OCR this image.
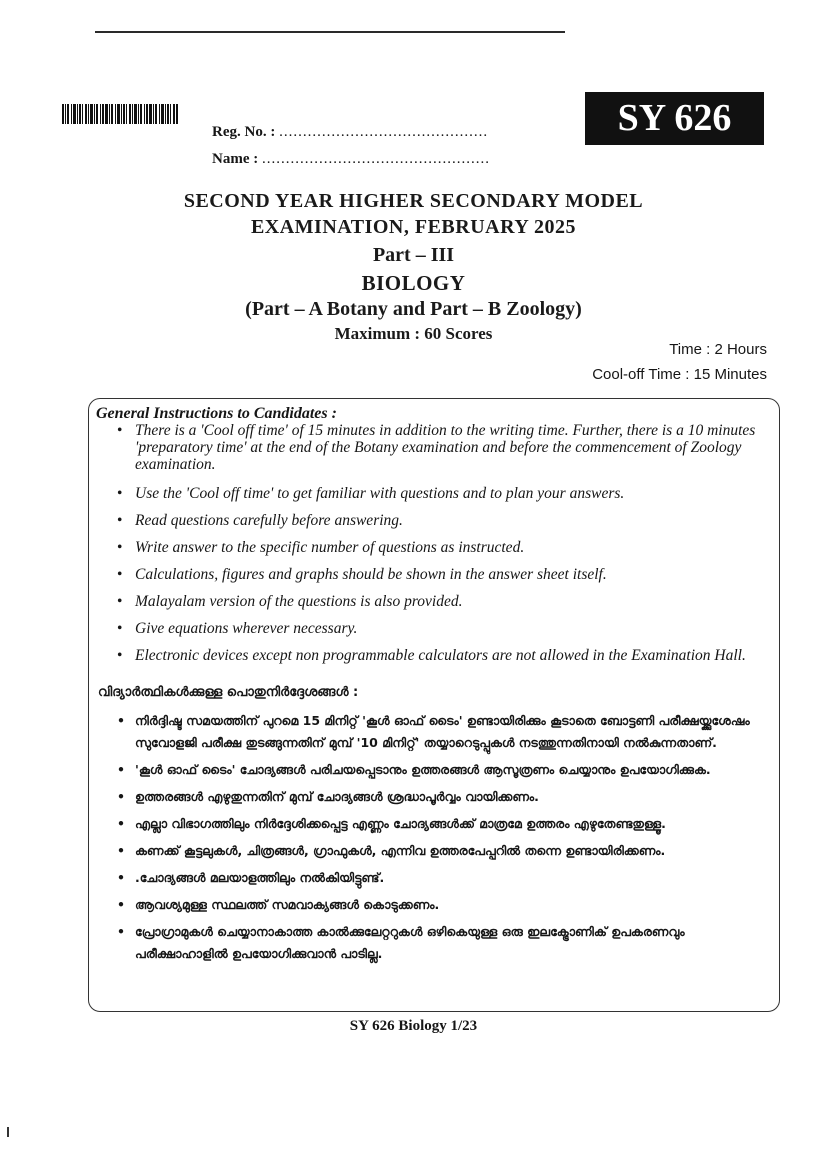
Reg. No. : ............................................
Name : ................................................
SY 626
SECOND YEAR HIGHER SECONDARY MODEL
EXAMINATION, FEBRUARY 2025
Part – III
BIOLOGY
(Part – A Botany and Part – B Zoology)
Maximum : 60 Scores
Time : 2 Hours
Cool-off Time : 15 Minutes
General Instructions to Candidates :
• There is a 'Cool off time' of 15 minutes in addition to the writing time. Further, there is a 10 minutes 'preparatory time' at the end of the Botany examination and before the commencement of Zoology examination.
• Use the 'Cool off time' to get familiar with questions and to plan your answers.
• Read questions carefully before answering.
• Write answer to the specific number of questions as instructed.
• Calculations, figures and graphs should be shown in the answer sheet itself.
• Malayalam version of the questions is also provided.
• Give equations wherever necessary.
• Electronic devices except non programmable calculators are not allowed in the Examination Hall.
വിദ്യാർത്ഥികൾക്കുള്ള പൊതുനിർദ്ദേശങ്ങൾ :
• നിർദ്ദിഷ്ട സമയത്തിന് പുറമെ 15 മിനിറ്റ് 'കൂൾ ഓഫ് ടൈം' ഉണ്ടായിരിക്കും കൂടാതെ ബോട്ടണി പരീക്ഷയ്ക്കുശേഷം സുവോളജി പരീക്ഷ തുടങ്ങുന്നതിന് മുമ്പ് '10 മിനിറ്റ്' തയ്യാറെടുപ്പുകൾ നടത്തുന്നതിനായി നൽകുന്നതാണ്.
• 'കൂൾ ഓഫ് ടൈം' ചോദ്യങ്ങൾ പരിചയപ്പെടാനും ഉത്തരങ്ങൾ ആസൂത്രണം ചെയ്യാനും ഉപയോഗിക്കുക.
• ഉത്തരങ്ങൾ എഴുതുന്നതിന് മുമ്പ് ചോദ്യങ്ങൾ ശ്രദ്ധാപൂർവ്വം വായിക്കണം.
• എല്ലാ വിഭാഗത്തിലും നിർദ്ദേശിക്കപ്പെട്ട എണ്ണം ചോദ്യങ്ങൾക്ക് മാത്രമേ ഉത്തരം എഴുതേണ്ടതുള്ളൂ.
• കണക്ക് കൂട്ടലുകൾ, ചിത്രങ്ങൾ, ഗ്രാഫുകൾ, എന്നിവ ഉത്തരപേപ്പറിൽ തന്നെ ഉണ്ടായിരിക്കണം.
• .ചോദ്യങ്ങൾ മലയാളത്തിലും നൽകിയിട്ടുണ്ട്.
• ആവശ്യമുള്ള സ്ഥലത്ത് സമവാക്യങ്ങൾ കൊടുക്കണം.
• പ്രോഗ്രാമുകൾ ചെയ്യാനാകാത്ത കാൽക്കുലേറ്ററുകൾ ഒഴികെയുള്ള ഒരു ഇലക്ട്രോണിക് ഉപകരണവും പരീക്ഷാഹാളിൽ ഉപയോഗിക്കുവാൻ പാടില്ല.
SY 626 Biology 1/23
